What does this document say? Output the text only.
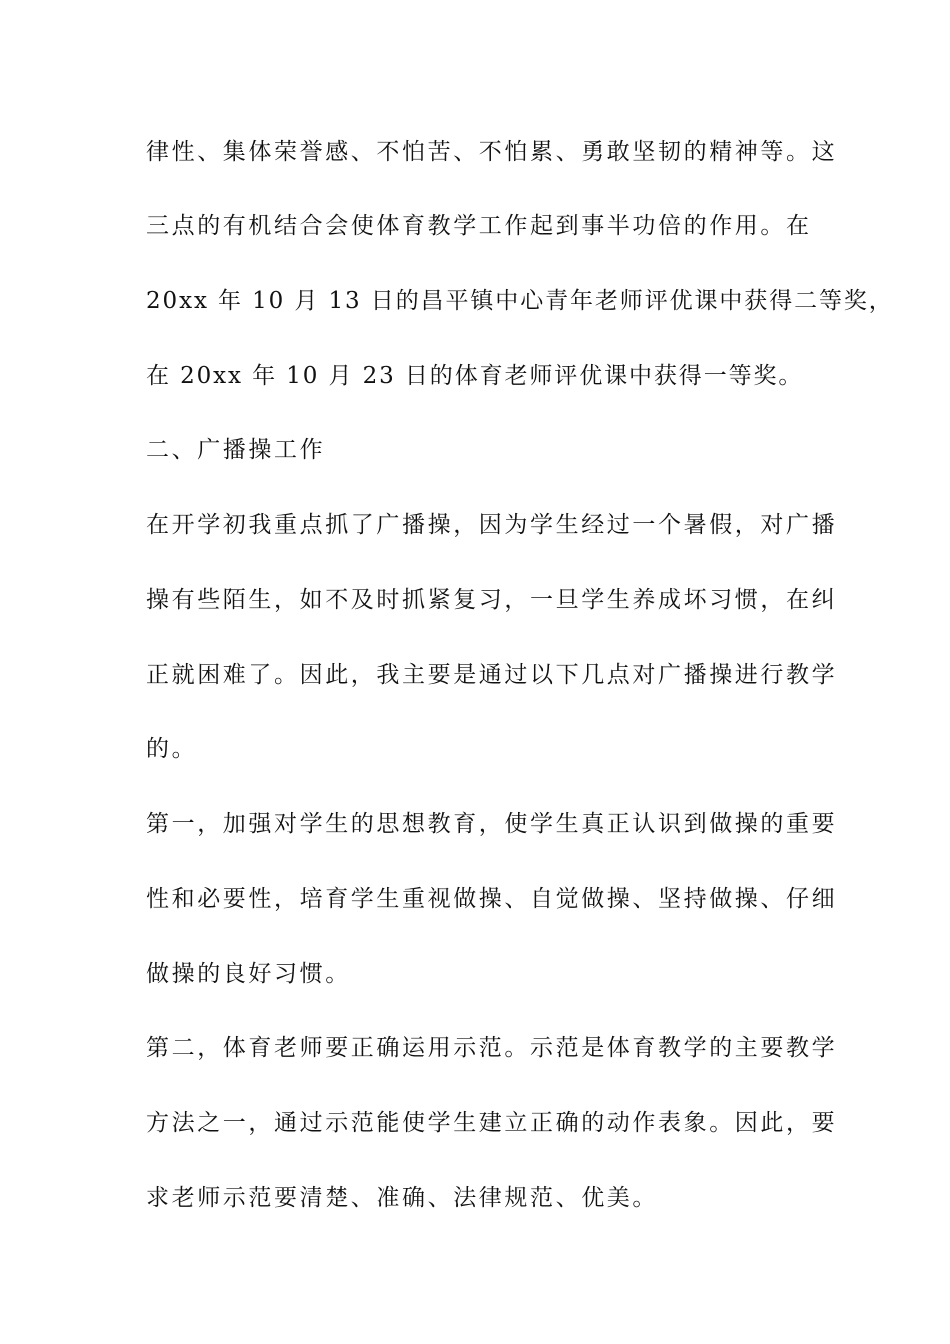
律性、集体荣誉感、不怕苦、不怕累、勇敢坚韧的精神等。这

三点的有机结合会使体育教学工作起到事半功倍的作用。在

20xx 年 10 月 13 日的昌平镇中心青年老师评优课中获得二等奖，

在 20xx 年 10 月 23 日的体育老师评优课中获得一等奖。

二、广播操工作

在开学初我重点抓了广播操，因为学生经过一个暑假，对广播

操有些陌生，如不及时抓紧复习，一旦学生养成坏习惯，在纠

正就困难了。因此，我主要是通过以下几点对广播操进行教学

的。

第一，加强对学生的思想教育，使学生真正认识到做操的重要

性和必要性，培育学生重视做操、自觉做操、坚持做操、仔细

做操的良好习惯。

第二，体育老师要正确运用示范。示范是体育教学的主要教学

方法之一，通过示范能使学生建立正确的动作表象。因此，要

求老师示范要清楚、准确、法律规范、优美。
